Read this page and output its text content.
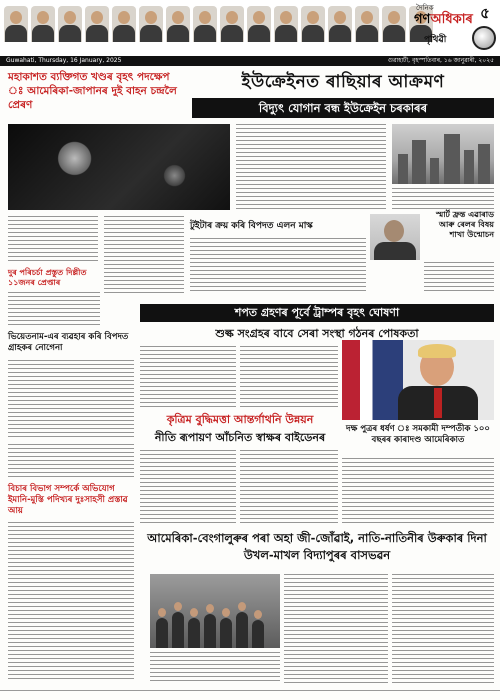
দৈনিক
গণঅধিকাৰ
পৃথিৱী
৫
Guwahati, Thursday, 16 January, 2025	গুৱাহাটী, বৃহস্পতিবাৰ, ১৬ জানুৱাৰী, ২০২৫
মহাকাশত ব্যক্তিগত খণ্ডৰ বৃহৎ পদক্ষেপ ঃ আমেৰিকা-জাপানৰ দুই বাহন চন্দ্ৰলৈ প্ৰেৰণ
ইউক্ৰেইনত ৰাছিয়াৰ আক্ৰমণ
বিদ্যুৎ যোগান বন্ধ ইউক্ৰেইন চৰকাৰৰ
দুৰ পৰিচৰ্চা প্ৰস্তুত দিল্লীত ১১জনৰ প্ৰেপ্তাৰ
টুইটাৰ ক্ৰয় কৰি বিপদত এলন মাস্ক
স্মাৰ্ট ফ্ৰন্ত এৱাৰাড আৰু ৰেলৰ বিষয় শাখা উন্মোচন
ভিয়েতনাম-এৰ ব্যৱহাৰ কৰি বিপদত গ্ৰাহকৰ নোগেনা
শপত গ্ৰহণৰ পূৰ্বে ট্ৰাম্পৰ বৃহৎ ঘোষণা
শুল্ক সংগ্ৰহৰ বাবে সেৰা সংস্থা গঠনৰ পোষকতা
কৃত্ৰিম বুদ্ধিমত্তা আন্তৰ্গাথনি উন্নয়ন
নীতি ৰূপায়ণ আঁচনিত স্বাক্ষৰ বাইডেনৰ
দক্ষ পুত্ৰৰ ধৰ্ষণ ঃ সমকামী দম্পতীক ১০০ বছৰৰ কাৰাদণ্ড আমেৰিকাত
বিচাৰ বিভাগ সম্পৰ্কে অভিযোগ ইমানি-মুস্তি পদিখ্যৰ দুঃসাহসী প্ৰস্তাৱ আয়
আমেৰিকা-বেংগালুৰুৰ পৰা অহা জী-জোঁৱাই, নাতি-নাতিনীৰ উৰুকাৰ দিনা উখল-মাখল বিদ্যাপুৰৰ বাসভৱন
